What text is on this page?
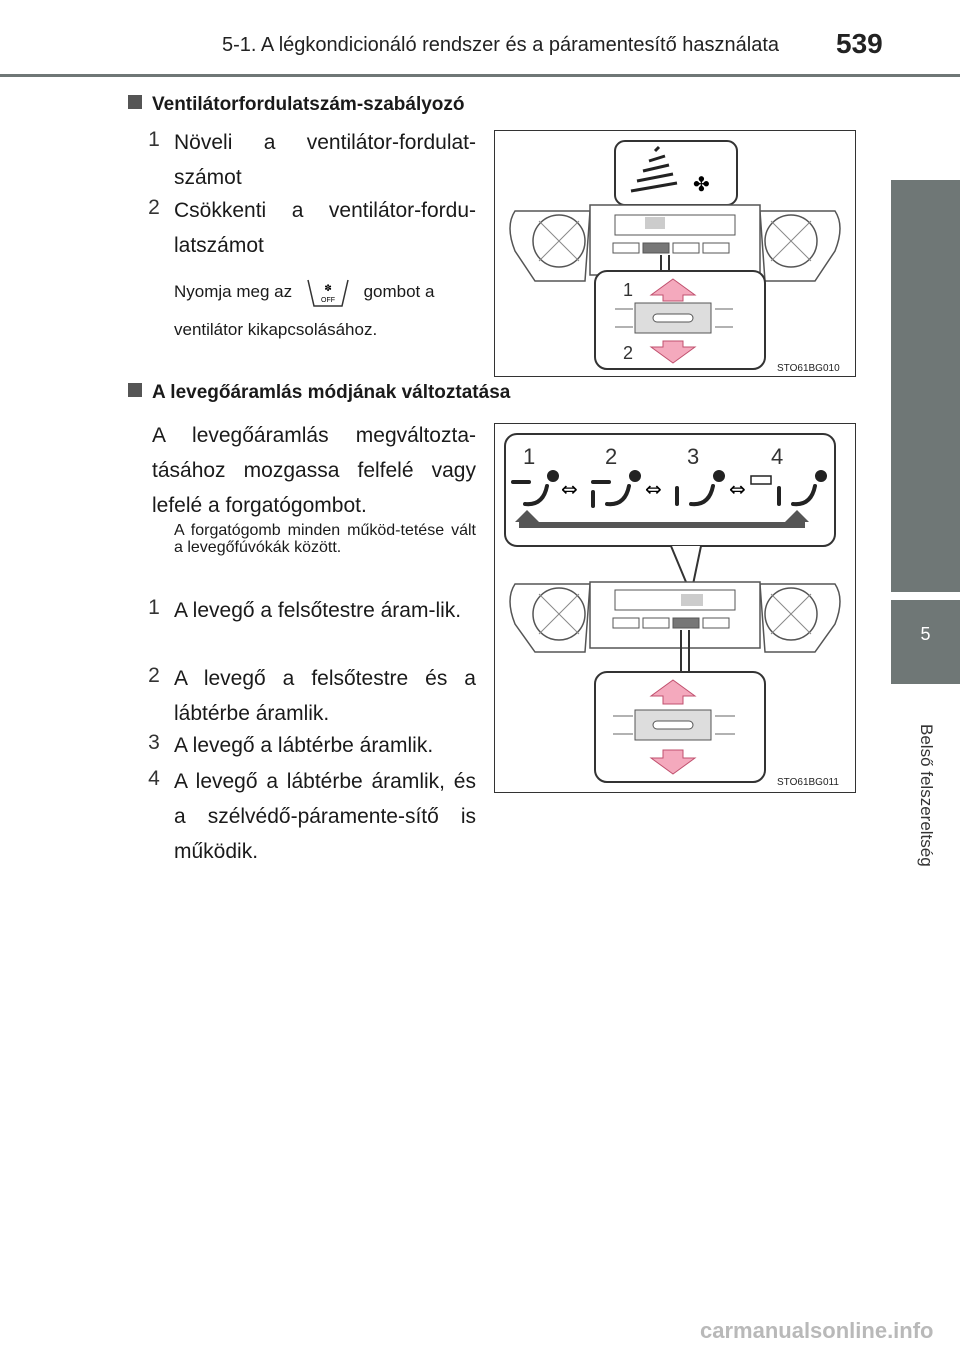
5-1. A légkondicionáló rendszer és a páramentesítő használata 539
5
Belső felszereltség
Ventilátorfordulatszám-szabályozó
1 Növeli a ventilátor-fordulat-számot
2 Csökkenti a ventilátor-fordu-latszámot
Nyomja meg az	✽
OFF gombot a
ventilátor kikapcsolásához.
✤
1
2
STO61BG010
A levegőáramlás módjának változtatása
A levegőáramlás megváltozta-tásához mozgassa felfelé vagy lefelé a forgatógombot.
A forgatógomb minden működ-tetése vált a levegőfúvókák között.
1 A levegő a felsőtestre áram-lik.
2 A levegő a felsőtestre és a lábtérbe áramlik.
3 A levegő a lábtérbe áramlik.
4 A levegő a lábtérbe áramlik, és a szélvédő-páramente-sítő is működik.
1	2	3	4
⇔	⇔	⇔
STO61BG011
carmanualsonline.info
